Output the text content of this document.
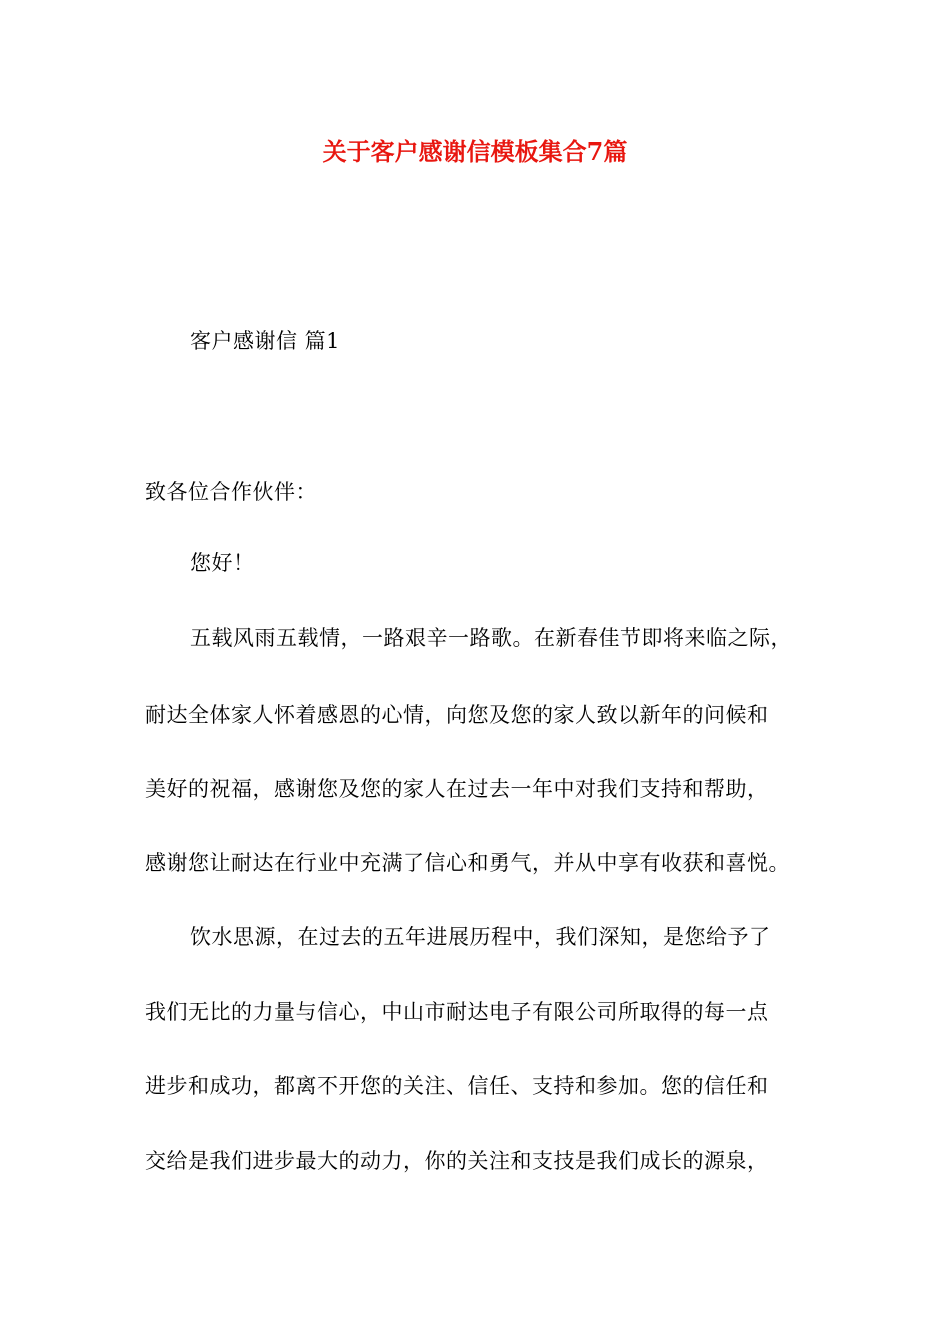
关于客户感谢信模板集合7篇
客户感谢信 篇1
致各位合作伙伴：
您好！
五载风雨五载情，一路艰辛一路歌。在新春佳节即将来临之际，
耐达全体家人怀着感恩的心情，向您及您的家人致以新年的问候和
美好的祝福，感谢您及您的家人在过去一年中对我们支持和帮助，
感谢您让耐达在行业中充满了信心和勇气，并从中享有收获和喜悦。
饮水思源，在过去的五年进展历程中，我们深知，是您给予了
我们无比的力量与信心，中山市耐达电子有限公司所取得的每一点
进步和成功，都离不开您的关注、信任、支持和参加。您的信任和
交给是我们进步最大的动力，你的关注和支技是我们成长的源泉，
